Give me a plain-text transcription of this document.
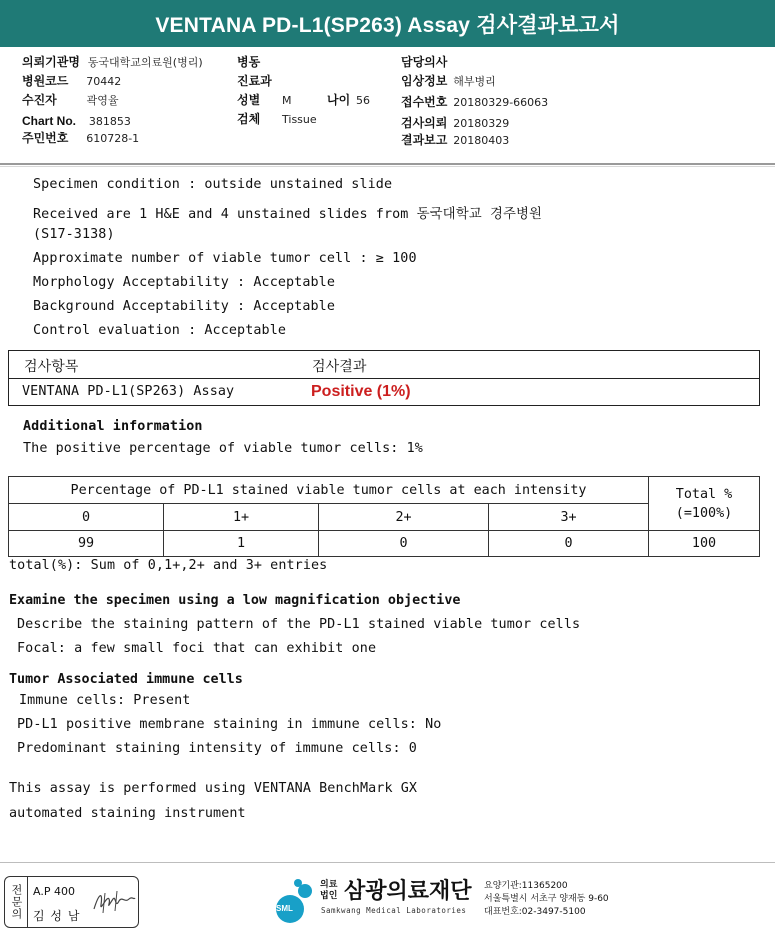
VENTANA PD-L1(SP263) Assay 검사결과보고서
의뢰기관명 동국대학교의료원(병리)
병원코드 70442
수진자	곽영율
Chart No. 381853
주민번호 610728-1
병동
진료과
성별 M	나이 56
검체 Tissue
담당의사
임상정보 해부병리
접수번호 20180329-66063
검사의뢰 20180329
결과보고 20180403
Specimen condition : outside unstained slide
Received are 1 H&E and 4 unstained slides from 동국대학교 경주병원
(S17-3138)
Approximate number of viable tumor cell : ≥ 100
Morphology Acceptability : Acceptable
Background Acceptability : Acceptable
Control evaluation : Acceptable
검사항목	검사결과
VENTANA PD-L1(SP263) Assay	Positive (1%)
Additional information
The positive percentage of viable tumor cells: 1%
Percentage of PD-L1 stained viable tumor cells at each intensity				Total %
(=100%)

0	1+	2+	3+	
99	1	0	0	100
total(%): Sum of 0,1+,2+ and 3+ entries
Examine the specimen using a low magnification objective
Describe the staining pattern of the PD-L1 stained viable tumor cells
Focal: a few small foci that can exhibit one
Tumor Associated immune cells
Immune cells: Present
PD-L1 positive membrane staining in immune cells: No
Predominant staining intensity of immune cells: 0
This assay is performed using VENTANA BenchMark GX
automated staining instrument
전문의 A.P 400
김 성 남
SML
의료
법인 삼광의료재단
Samkwang Medical Laboratories
요양기관:11365200
서울특별시 서초구 양재동 9-60
대표번호:02-3497-5100
